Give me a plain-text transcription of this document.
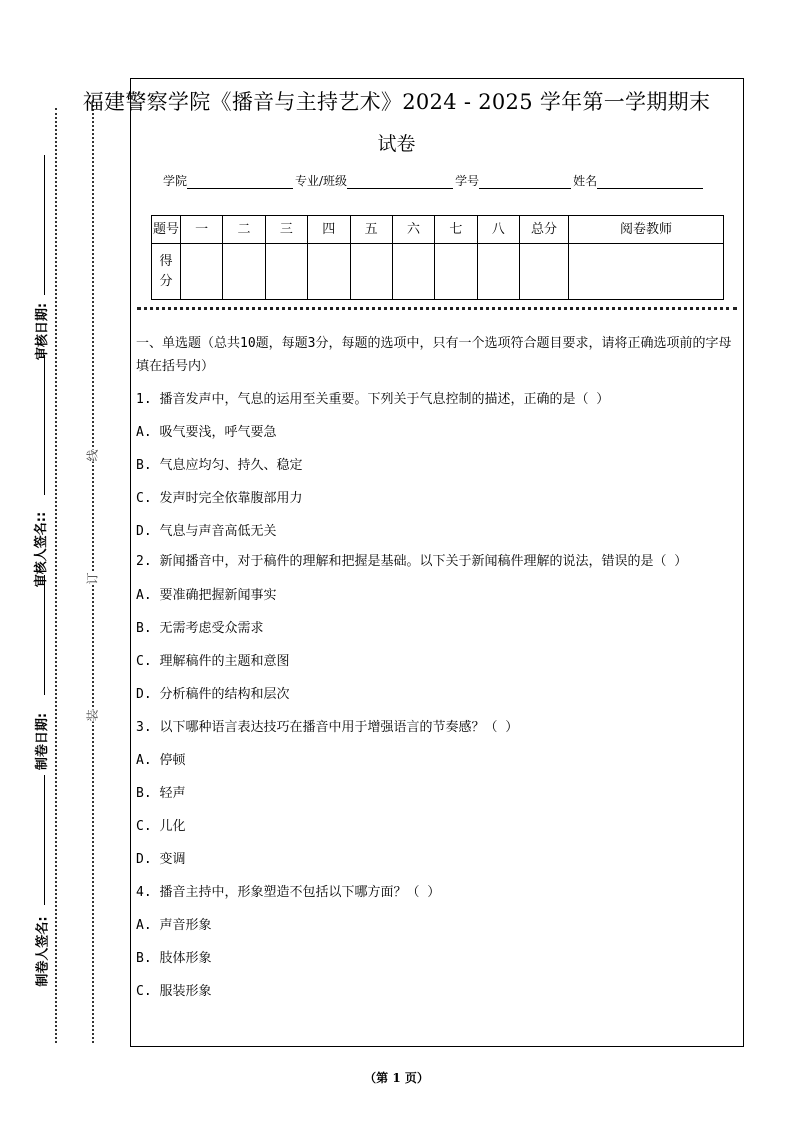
审核日期:
审核人签名::
制卷日期:
制卷人签名:
线
订
装
福建警察学院《播音与主持艺术》2024 - 2025 学年第一学期期末
试卷
学院	专业/班级	学号	姓名
题号	一	二	三	四	五	六	七	八	总分	阅卷教师
得分										
一、单选题（总共10题，每题3分，每题的选项中，只有一个选项符合题目要求，请将正确选项前的字母填在括号内）
1. 播音发声中，气息的运用至关重要。下列关于气息控制的描述，正确的是（ ）
A. 吸气要浅，呼气要急
B. 气息应均匀、持久、稳定
C. 发声时完全依靠腹部用力
D. 气息与声音高低无关
2. 新闻播音中，对于稿件的理解和把握是基础。以下关于新闻稿件理解的说法，错误的是（ ）
A. 要准确把握新闻事实
B. 无需考虑受众需求
C. 理解稿件的主题和意图
D. 分析稿件的结构和层次
3. 以下哪种语言表达技巧在播音中用于增强语言的节奏感？（ ）
A. 停顿
B. 轻声
C. 儿化
D. 变调
4. 播音主持中，形象塑造不包括以下哪方面？（ ）
A. 声音形象
B. 肢体形象
C. 服装形象
（第 1 页）
